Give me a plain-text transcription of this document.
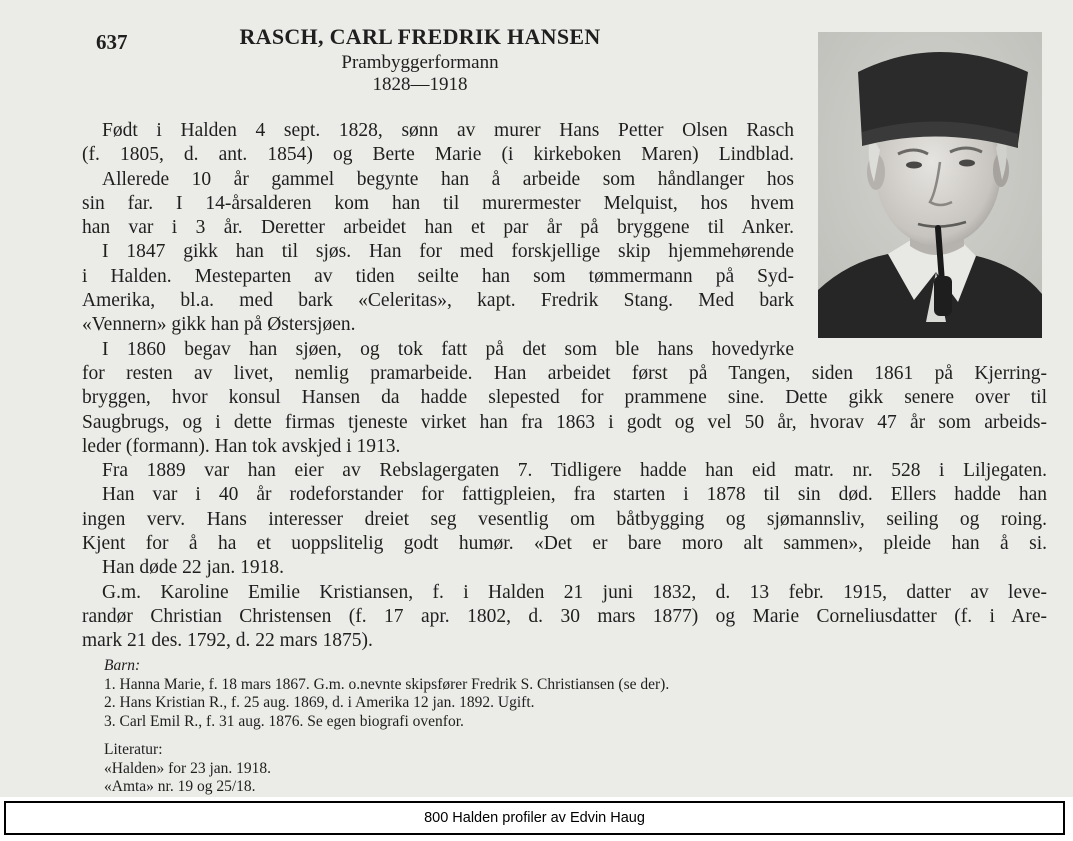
637	RASCH, CARL FREDRIK HANSEN
Prambyggerformann
1828—1918
Født i Halden 4 sept. 1828, sønn av murer Hans Petter Olsen Rasch
(f. 1805, d. ant. 1854) og Berte Marie (i kirkeboken Maren) Lindblad.
Allerede 10 år gammel begynte han å arbeide som håndlanger hos
sin far. I 14-årsalderen kom han til murermester Melquist, hos hvem
han var i 3 år. Deretter arbeidet han et par år på bryggene til Anker.
I 1847 gikk han til sjøs. Han for med forskjellige skip hjemmehørende
i Halden. Mesteparten av tiden seilte han som tømmermann på Syd-
Amerika, bl.a. med bark «Celeritas», kapt. Fredrik Stang. Med bark
«Vennern» gikk han på Østersjøen.
I 1860 begav han sjøen, og tok fatt på det som ble hans hovedyrke
for resten av livet, nemlig pramarbeide. Han arbeidet først på Tangen, siden 1861 på Kjerring-
bryggen, hvor konsul Hansen da hadde slepested for prammene sine. Dette gikk senere over til
Saugbrugs, og i dette firmas tjeneste virket han fra 1863 i godt og vel 50 år, hvorav 47 år som arbeids-
leder (formann). Han tok avskjed i 1913.
Fra 1889 var han eier av Rebslagergaten 7. Tidligere hadde han eid matr. nr. 528 i Liljegaten.
Han var i 40 år rodeforstander for fattigpleien, fra starten i 1878 til sin død. Ellers hadde han
ingen verv. Hans interesser dreiet seg vesentlig om båtbygging og sjømannsliv, seiling og roing.
Kjent for å ha et uoppslitelig godt humør. «Det er bare moro alt sammen», pleide han å si.
Han døde 22 jan. 1918.
G.m. Karoline Emilie Kristiansen, f. i Halden 21 juni 1832, d. 13 febr. 1915, datter av leve-
randør Christian Christensen (f. 17 apr. 1802, d. 30 mars 1877) og Marie Corneliusdatter (f. i Are-
mark 21 des. 1792, d. 22 mars 1875).
Barn:
1. Hanna Marie, f. 18 mars 1867. G.m. o.nevnte skipsfører Fredrik S. Christiansen (se der).
2. Hans Kristian R., f. 25 aug. 1869, d. i Amerika 12 jan. 1892. Ugift.
3. Carl Emil R., f. 31 aug. 1876. Se egen biografi ovenfor.
Literatur:
«Halden» for 23 jan. 1918.
«Amta» nr. 19 og 25/18.
800 Halden profiler av Edvin Haug
